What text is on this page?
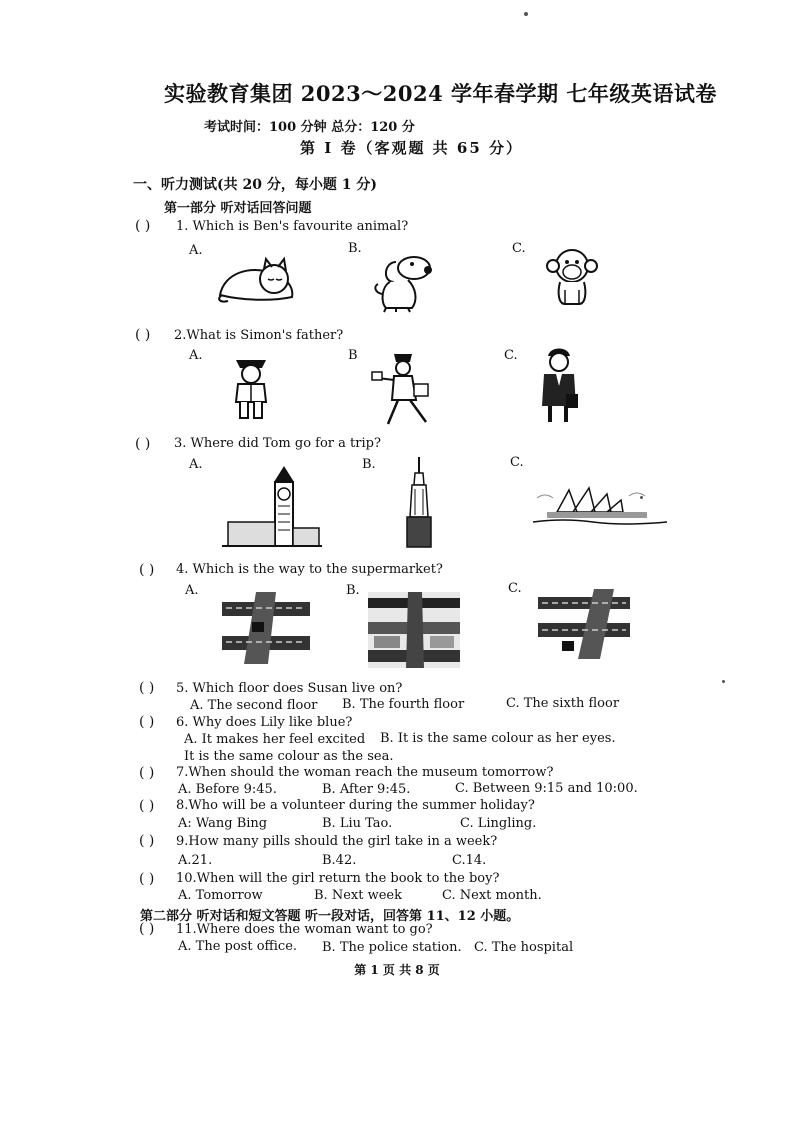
实验教育集团 2023～2024 学年春学期 七年级英语试卷
考试时间：100 分钟 总分：120 分
第 Ⅰ 卷（客观题 共 65 分）
一、听力测试(共 20 分，每小题 1 分)
第一部分 听对话回答问题
( ) 1. Which is Ben's favourite animal?
A.	B.	C.
( ) 2.What is Simon's father?
A.	B	C.
( ) 3. Where did Tom go for a trip?
A.	B.	C.
( ) 4. Which is the way to the supermarket?
A.	B.	C.
( ) 5. Which floor does Susan live on?
A. The second floor B. The fourth floor	C. The sixth floor
( ) 6. Why does Lily like blue?
A. It makes her feel excited B. It is the same colour as her eyes.
It is the same colour as the sea.
( ) 7.When should the woman reach the museum tomorrow?
A. Before 9:45.	B. After 9:45.	C. Between 9:15 and 10:00.
( ) 8.Who will be a volunteer during the summer holiday?
A: Wang Bing	B. Liu Tao.	C. Lingling.
( ) 9.How many pills should the girl take in a week?
A.21.	B.42.	C.14.
( ) 10.When will the girl return the book to the boy?
A. Tomorrow	B. Next week	C. Next month.
第二部分 听对话和短文答题 听一段对话，回答第 11、12 小题。
( ) 11.Where does the woman want to go?
A. The post office. B. The police station. C. The hospital
第 1 页 共 8 页
